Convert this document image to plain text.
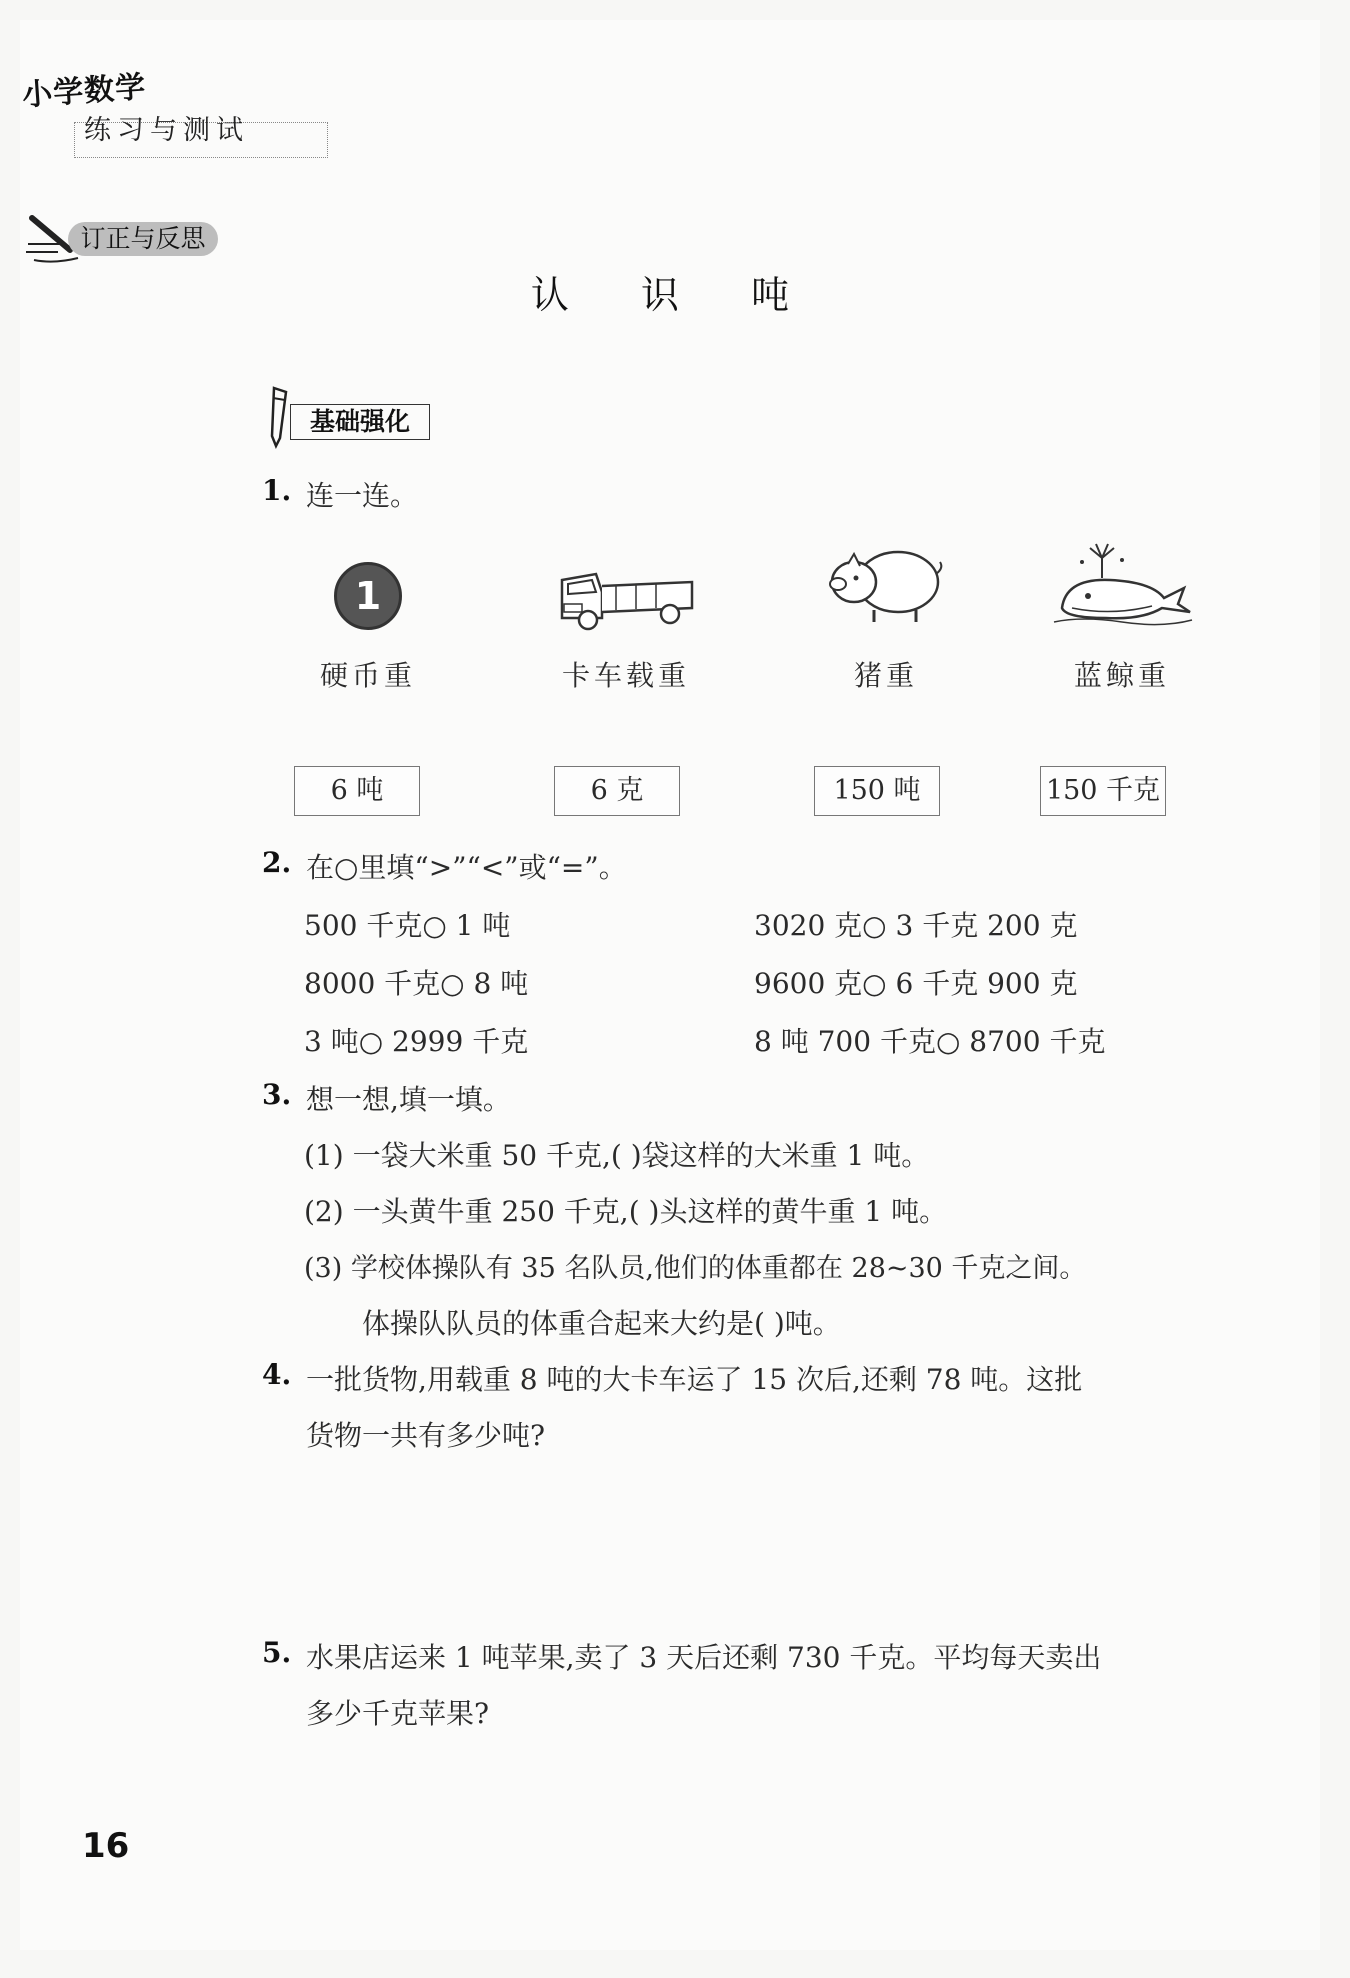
小学数学
练习与测试
订正与反思
认 识 吨
基础强化
1. 连一连。
1
硬币重	卡车载重	猪重	蓝鲸重
6 吨	6 克	150 吨	150 千克
2. 在○里填“>”“<”或“=”。
500 千克○ 1 吨	3020 克○ 3 千克 200 克
8000 千克○ 8 吨	9600 克○ 6 千克 900 克
3 吨○ 2999 千克	8 吨 700 千克○ 8700 千克
3. 想一想,填一填。
(1) 一袋大米重 50 千克,( )袋这样的大米重 1 吨。
(2) 一头黄牛重 250 千克,( )头这样的黄牛重 1 吨。
(3) 学校体操队有 35 名队员,他们的体重都在 28~30 千克之间。
体操队队员的体重合起来大约是( )吨。
4. 一批货物,用载重 8 吨的大卡车运了 15 次后,还剩 78 吨。这批
货物一共有多少吨?
5. 水果店运来 1 吨苹果,卖了 3 天后还剩 730 千克。平均每天卖出
多少千克苹果?
16
